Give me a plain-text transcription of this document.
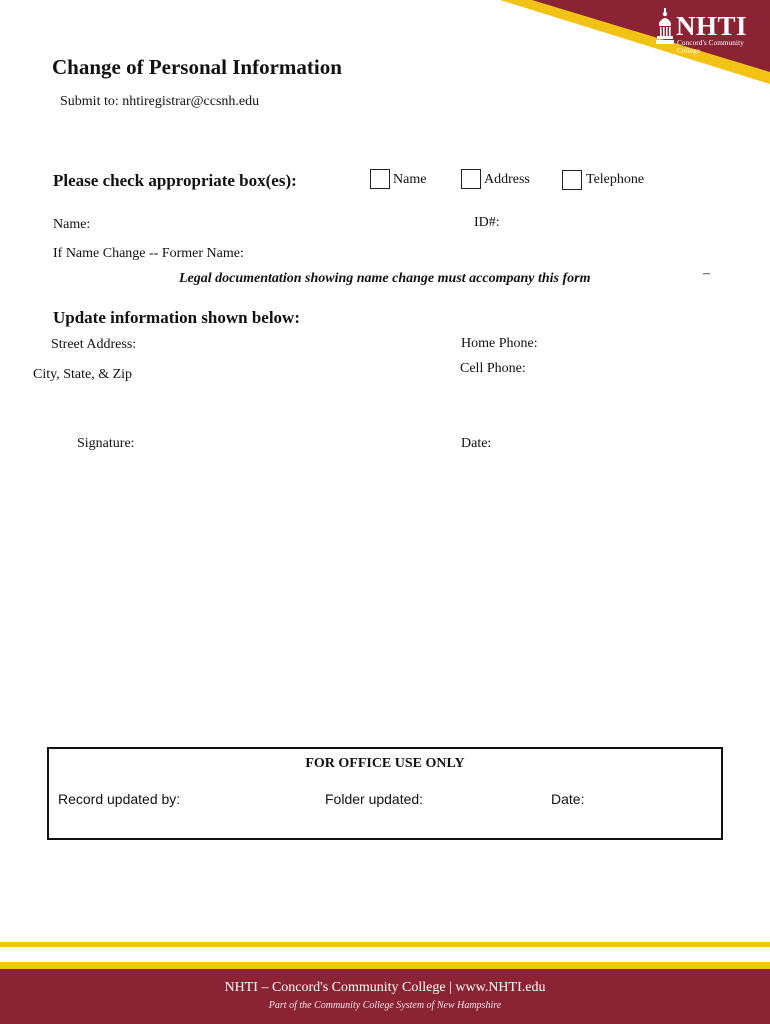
NHTI
Concord's Community College
Change of Personal Information
Submit to: nhtiregistrar@ccsnh.edu
Please check appropriate box(es):	Name	Address	Telephone
Name:	ID#:
If Name Change -- Former Name:
Legal documentation showing name change must accompany this form	–
Update information shown below:
Street Address:	Home Phone:
City, State, & Zip	Cell Phone:
Signature:	Date:
FOR OFFICE USE ONLY
Record updated by:	Folder updated:	Date:
NHTI – Concord's Community College | www.NHTI.edu
Part of the Community College System of New Hampshire
